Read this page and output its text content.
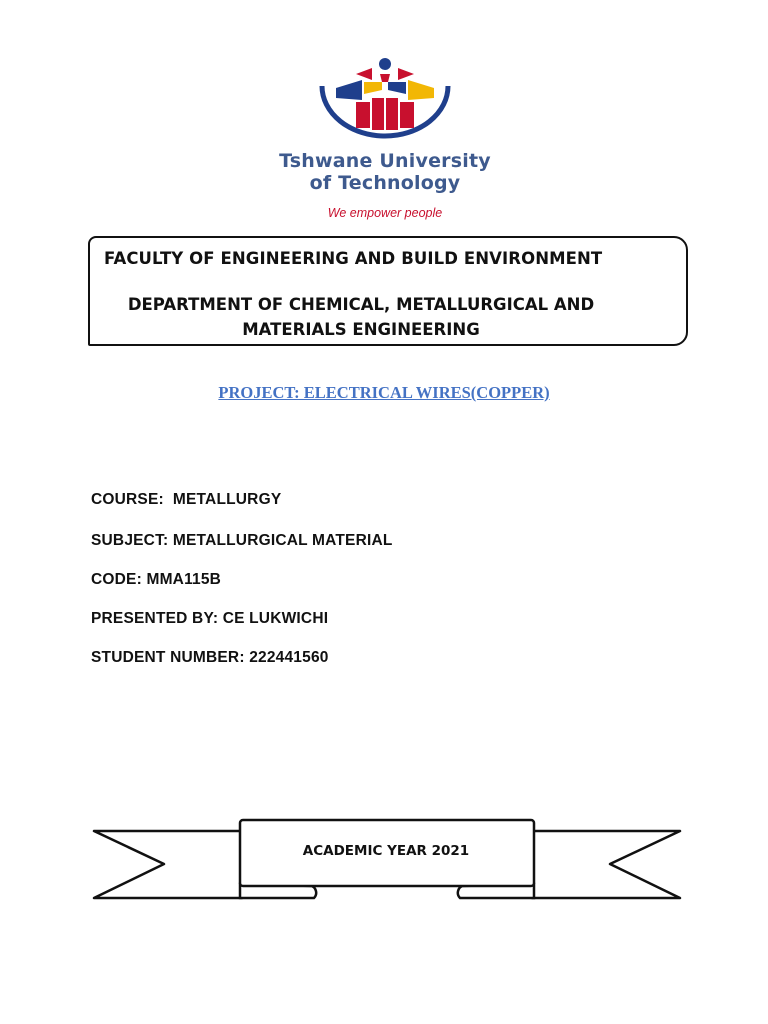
Tshwane University
of Technology
We empower people
FACULTY OF ENGINEERING AND BUILD ENVIRONMENT
DEPARTMENT OF CHEMICAL, METALLURGICAL AND
MATERIALS ENGINEERING
PROJECT: ELECTRICAL WIRES(COPPER)
COURSE:  METALLURGY
SUBJECT: METALLURGICAL MATERIAL
CODE: MMA115B
PRESENTED BY: CE LUKWICHI
STUDENT NUMBER: 222441560
ACADEMIC YEAR 2021
